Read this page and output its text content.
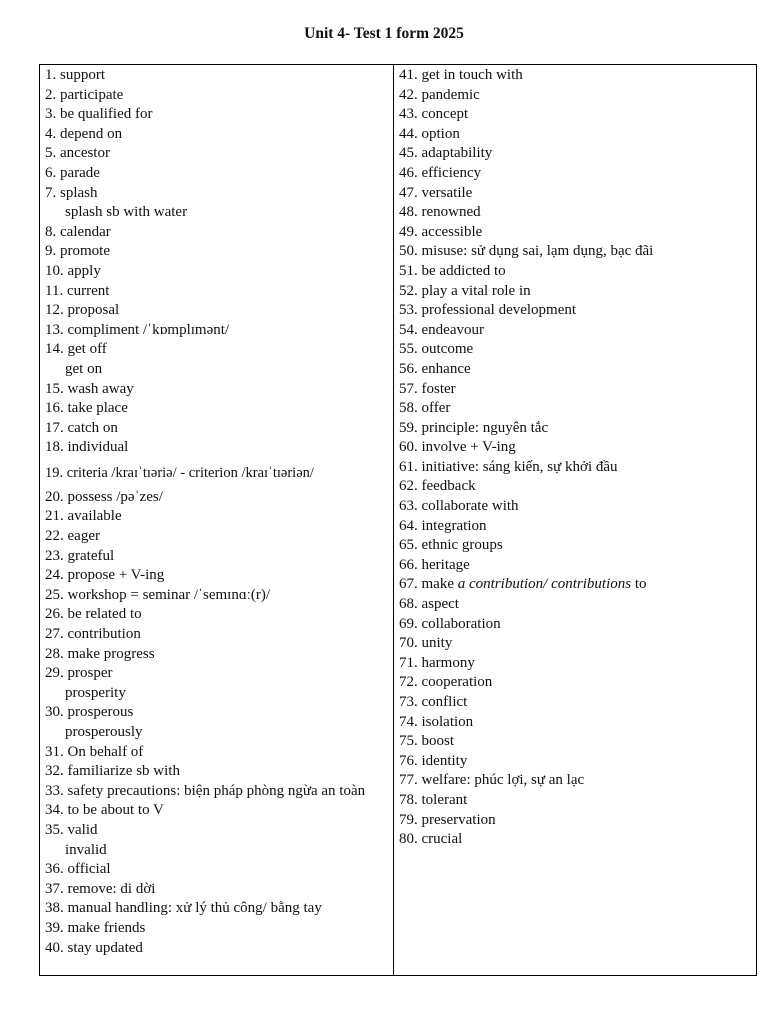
Unit 4- Test 1 form 2025
1. support
2. participate
3. be qualified for
4. depend on
5. ancestor
6. parade
7. splash
splash sb with water
8. calendar
9. promote
10. apply
11. current
12. proposal
13. compliment /ˈkɒmplɪmənt/
14. get off
get on
15. wash away
16. take place
17. catch on
18. individual
19. criteria /kraɪˈtɪəriə/ - criterion /kraɪˈtɪəriən/
20. possess /pəˈzes/
21. available
22. eager
23. grateful
24. propose + V-ing
25. workshop = seminar /ˈsemɪnɑː(r)/
26. be related to
27. contribution
28. make progress
29. prosper
prosperity
30. prosperous
prosperously
31. On behalf of
32. familiarize sb with
33. safety precautions: biện pháp phòng ngừa an toàn
34. to be about to V
35. valid
invalid
36. official
37. remove: di dời
38. manual handling: xử lý thủ công/ bằng tay
39. make friends
40. stay updated
41. get in touch with
42. pandemic
43. concept
44. option
45. adaptability
46. efficiency
47. versatile
48. renowned
49. accessible
50. misuse: sử dụng sai, lạm dụng, bạc đãi
51. be addicted to
52. play a vital role in
53. professional development
54. endeavour
55. outcome
56. enhance
57. foster
58. offer
59. principle: nguyên tắc
60. involve + V-ing
61. initiative: sáng kiến, sự khởi đầu
62. feedback
63. collaborate with
64. integration
65. ethnic groups
66. heritage
67. make a contribution/ contributions to
68. aspect
69. collaboration
70. unity
71. harmony
72. cooperation
73. conflict
74. isolation
75. boost
76. identity
77. welfare: phúc lợi, sự an lạc
78. tolerant
79. preservation
80. crucial
